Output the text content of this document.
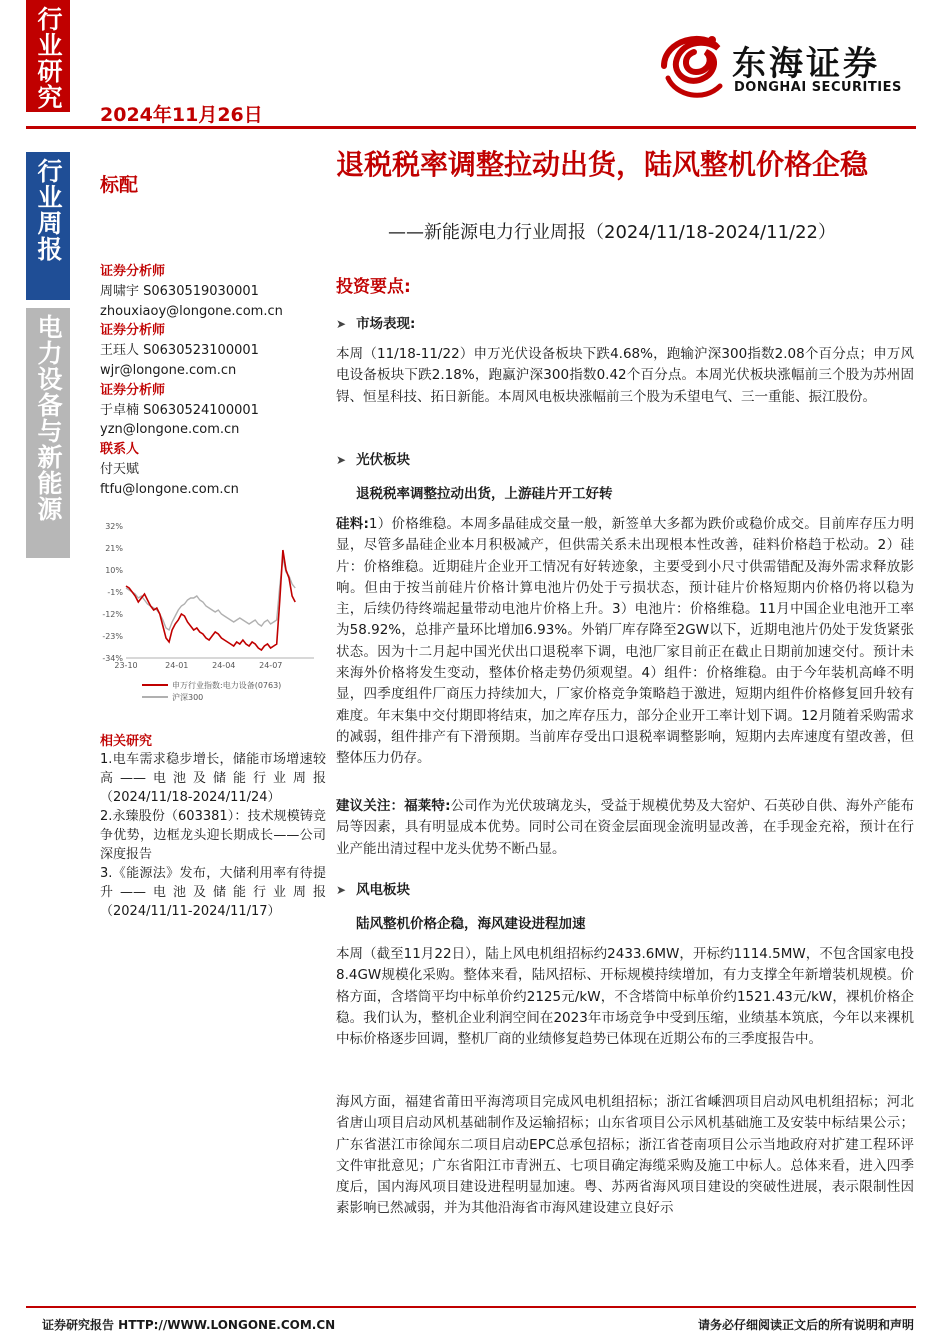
行业研究
行业周报
电力设备与新能源
2024年11月26日
东海证券
DONGHAI SECURITIES
标配
退税税率调整拉动出货，陆风整机价格企稳
——新能源电力行业周报（2024/11/18-2024/11/22）
证券分析师
周啸宇 S0630519030001
zhouxiaoy@longone.com.cn
证券分析师
王珏人 S0630523100001
wjr@longone.com.cn
证券分析师
于卓楠 S0630524100001
yzn@longone.com.cn
联系人
付天赋
ftfu@longone.com.cn
32%
21%
10%
-1%
-12%
-23%
-34%
23-10	24-01	24-04	24-07
申万行业指数:电力设备(0763)
沪深300
相关研究

1.电车需求稳步增长，储能市场增速较高——电池及储能行业周报（2024/11/18-2024/11/24）

2.永臻股份（603381）：技术规模铸竞争优势，边框龙头迎长期成长——公司深度报告

3.《能源法》发布，大储利用率有待提升——电池及储能行业周报（2024/11/11-2024/11/17）

投资要点:
➤ 市场表现:
本周（11/18-11/22）申万光伏设备板块下跌4.68%，跑输沪深300指数2.08个百分点；申万风电设备板块下跌2.18%，跑赢沪深300指数0.42个百分点。本周光伏板块涨幅前三个股为苏州固锝、恒星科技、拓日新能。本周风电板块涨幅前三个股为禾望电气、三一重能、振江股份。
➤ 光伏板块
退税税率调整拉动出货，上游硅片开工好转
硅料:1）价格维稳。本周多晶硅成交量一般，新签单大多都为跌价或稳价成交。目前库存压力明显，尽管多晶硅企业本月积极减产，但供需关系未出现根本性改善，硅料价格趋于松动。2）硅片：价格维稳。近期硅片企业开工情况有好转迹象，主要受到小尺寸供需错配及海外需求释放影响。但由于按当前硅片价格计算电池片仍处于亏损状态，预计硅片价格短期内价格仍将以稳为主，后续仍待终端起量带动电池片价格上升。3）电池片：价格维稳。11月中国企业电池开工率为58.92%，总排产量环比增加6.93%。外销厂库存降至2GW以下，近期电池片仍处于发货紧张状态。因为十二月起中国光伏出口退税率下调，电池厂家目前正在截止日期前加速交付。预计未来海外价格将发生变动，整体价格走势仍须观望。4）组件：价格维稳。由于今年装机高峰不明显，四季度组件厂商压力持续加大，厂家价格竞争策略趋于激进，短期内组件价格修复回升较有难度。年末集中交付期即将结束，加之库存压力，部分企业开工率计划下调。12月随着采购需求的减弱，组件排产有下滑预期。当前库存受出口退税率调整影响，短期内去库速度有望改善，但整体压力仍存。
建议关注：福莱特:公司作为光伏玻璃龙头，受益于规模优势及大窑炉、石英砂自供、海外产能布局等因素，具有明显成本优势。同时公司在资金层面现金流明显改善，在手现金充裕，预计在行业产能出清过程中龙头优势不断凸显。
➤ 风电板块
陆风整机价格企稳，海风建设进程加速
本周（截至11月22日），陆上风电机组招标约2433.6MW，开标约1114.5MW，不包含国家电投8.4GW规模化采购。整体来看，陆风招标、开标规模持续增加，有力支撑全年新增装机规模。价格方面，含塔筒平均中标单价约2125元/kW，不含塔筒中标单价约1521.43元/kW，裸机价格企稳。我们认为，整机企业利润空间在2023年市场竞争中受到压缩，业绩基本筑底，今年以来裸机中标价格逐步回调，整机厂商的业绩修复趋势已体现在近期公布的三季度报告中。
海风方面，福建省莆田平海湾项目完成风电机组招标；浙江省嵊泗项目启动风电机组招标；河北省唐山项目启动风机基础制作及运输招标；山东省项目公示风机基础施工及安装中标结果公示；广东省湛江市徐闻东二项目启动EPC总承包招标；浙江省苍南项目公示当地政府对扩建工程环评文件审批意见；广东省阳江市青洲五、七项目确定海缆采购及施工中标人。总体来看，进入四季度后，国内海风项目建设进程明显加速。粤、苏两省海风项目建设的突破性进展，表示限制性因素影响已然减弱，并为其他沿海省市海风建设建立良好示
证券研究报告 HTTP://WWW.LONGONE.COM.CN	请务必仔细阅读正文后的所有说明和声明
